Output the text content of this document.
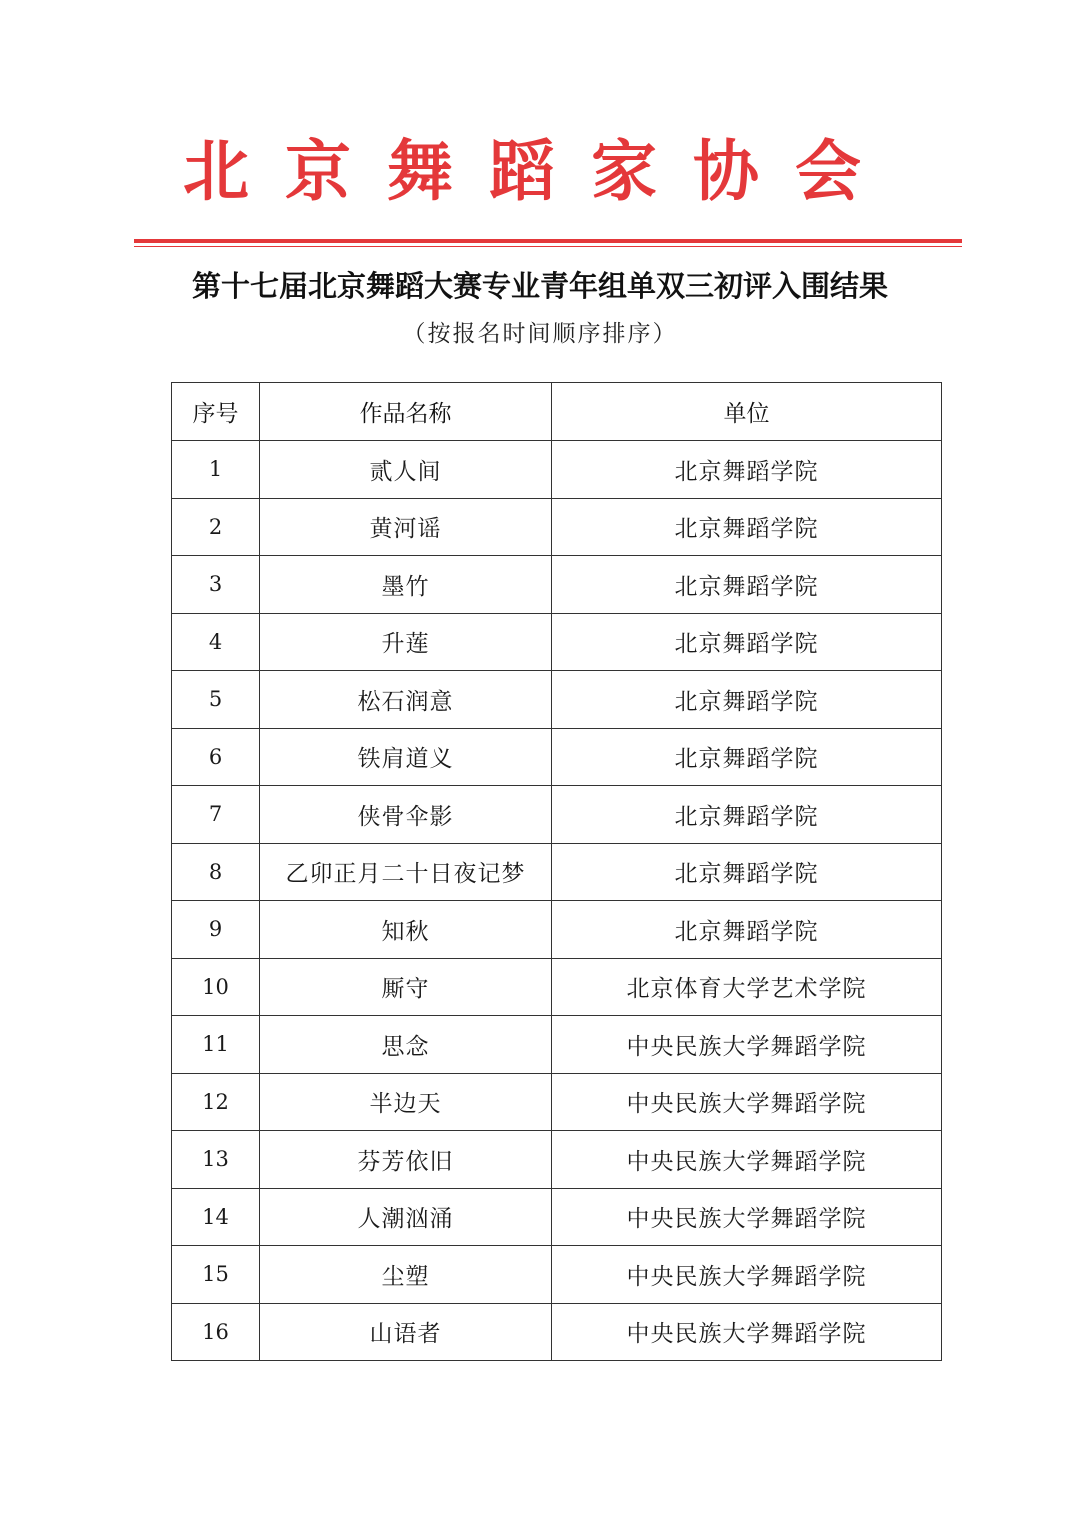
北京舞蹈家协会
第十七届北京舞蹈大赛专业青年组单双三初评入围结果
（按报名时间顺序排序）
序号	作品名称	单位
1	贰人间	北京舞蹈学院
2	黄河谣	北京舞蹈学院
3	墨竹	北京舞蹈学院
4	升莲	北京舞蹈学院
5	松石润意	北京舞蹈学院
6	铁肩道义	北京舞蹈学院
7	侠骨伞影	北京舞蹈学院
8	乙卯正月二十日夜记梦	北京舞蹈学院
9	知秋	北京舞蹈学院
10	厮守	北京体育大学艺术学院
11	思念	中央民族大学舞蹈学院
12	半边天	中央民族大学舞蹈学院
13	芬芳依旧	中央民族大学舞蹈学院
14	人潮汹涌	中央民族大学舞蹈学院
15	尘塑	中央民族大学舞蹈学院
16	山语者	中央民族大学舞蹈学院
